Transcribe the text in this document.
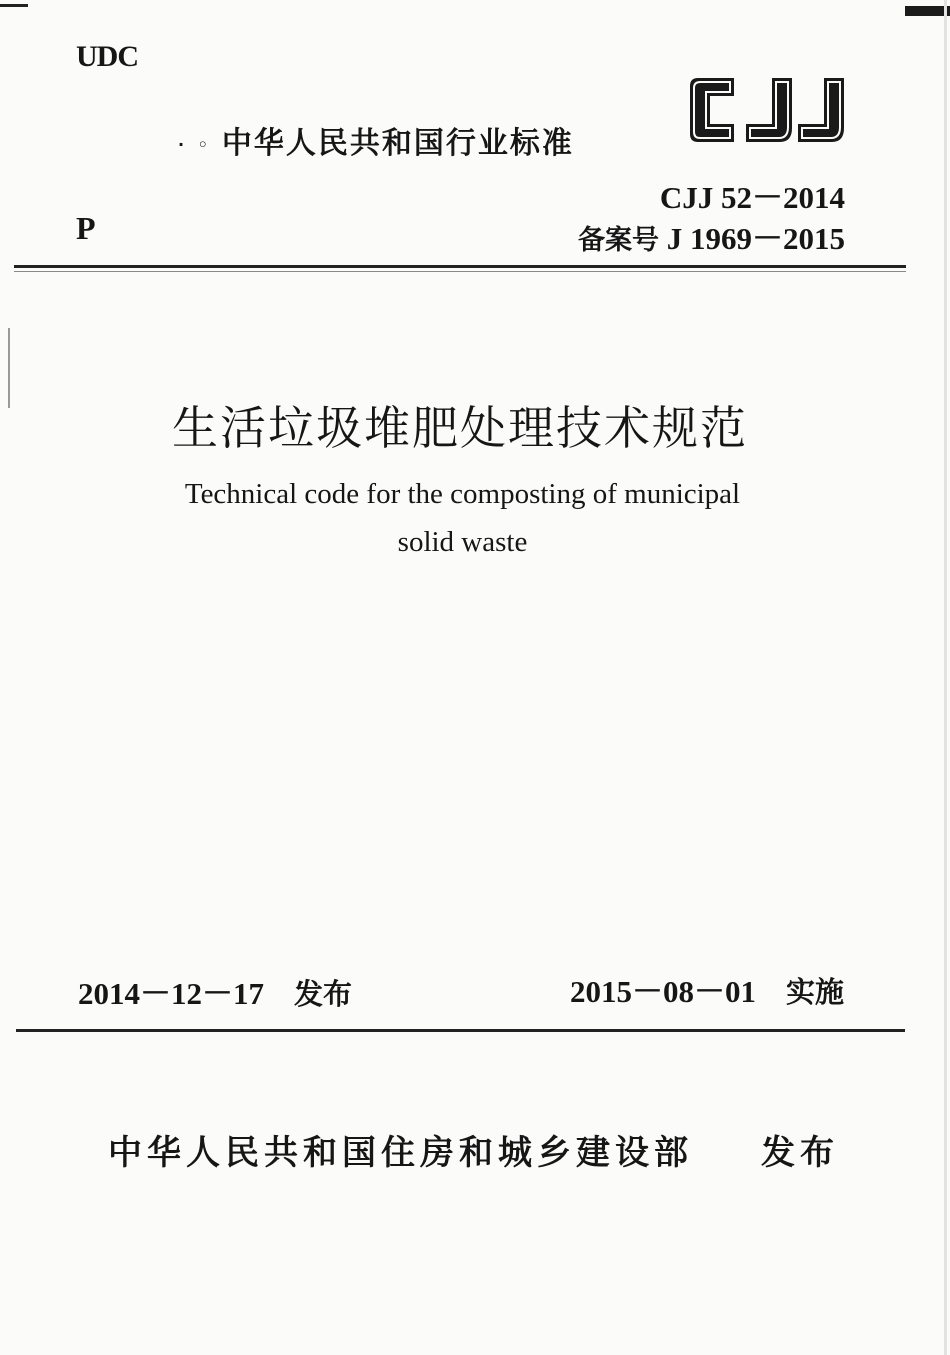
UDC
· ◦ 中华人民共和国行业标准
CJJ 52－2014
备案号 J 1969－2015
P
生活垃圾堆肥处理技术规范
Technical code for the composting of municipal
solid waste
2014－12－17 发布	2015－08－01 实施
中华人民共和国住房和城乡建设部 发布
